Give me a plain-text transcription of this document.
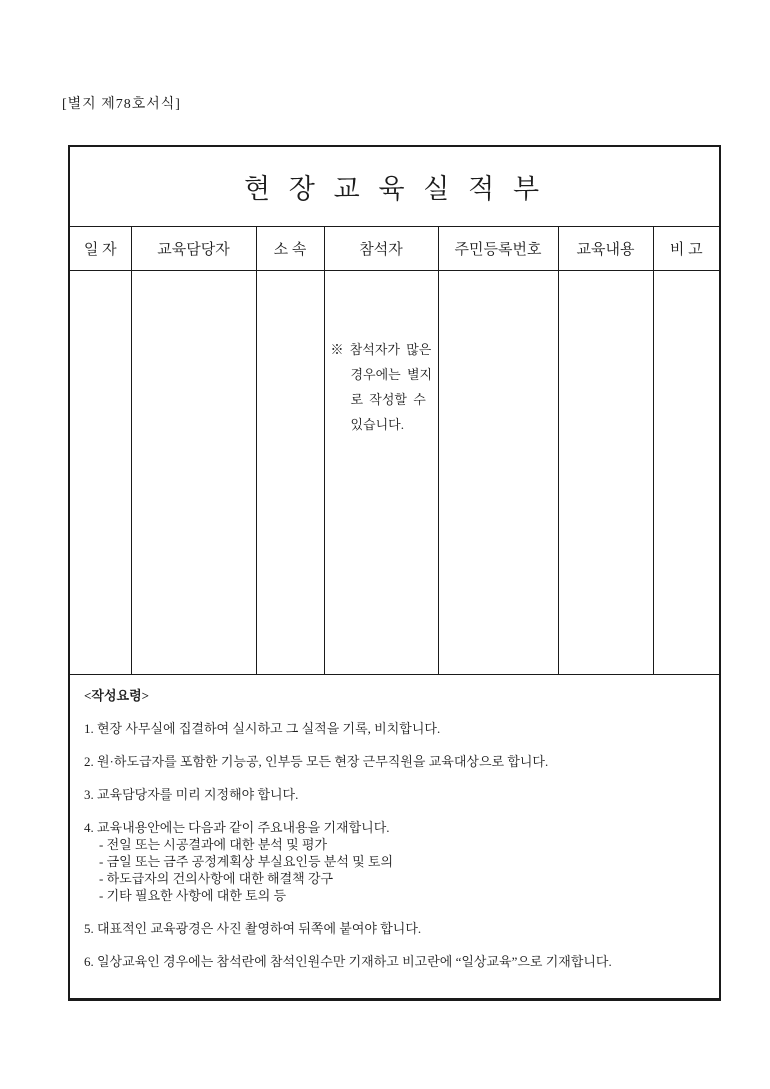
[별지 제78호서식]
현 장 교 육 실 적 부						
일 자	교육담당자	소 속	참석자	주민등록번호	교육내용	비 고

			※ 참석자가 많은
경우에는 별지
로 작성할 수
있습니다.			

<작성요령>
1. 현장 사무실에 집결하여 실시하고 그 실적을 기록, 비치합니다.
2. 원·하도급자를 포함한 기능공, 인부등 모든 현장 근무직원을 교육대상으로 합니다.
3. 교육담당자를 미리 지정해야 합니다.
4. 교육내용안에는 다음과 같이 주요내용을 기재합니다.
- 전일 또는 시공결과에 대한 분석 및 평가
- 금일 또는 금주 공정계획상 부실요인등 분석 및 토의
- 하도급자의 건의사항에 대한 해결책 강구
- 기타 필요한 사항에 대한 토의 등
5. 대표적인 교육광경은 사진 촬영하여 뒤쪽에 붙여야 합니다.
6. 일상교육인 경우에는 참석란에 참석인원수만 기재하고 비고란에 “일상교육”으로 기재합니다.
